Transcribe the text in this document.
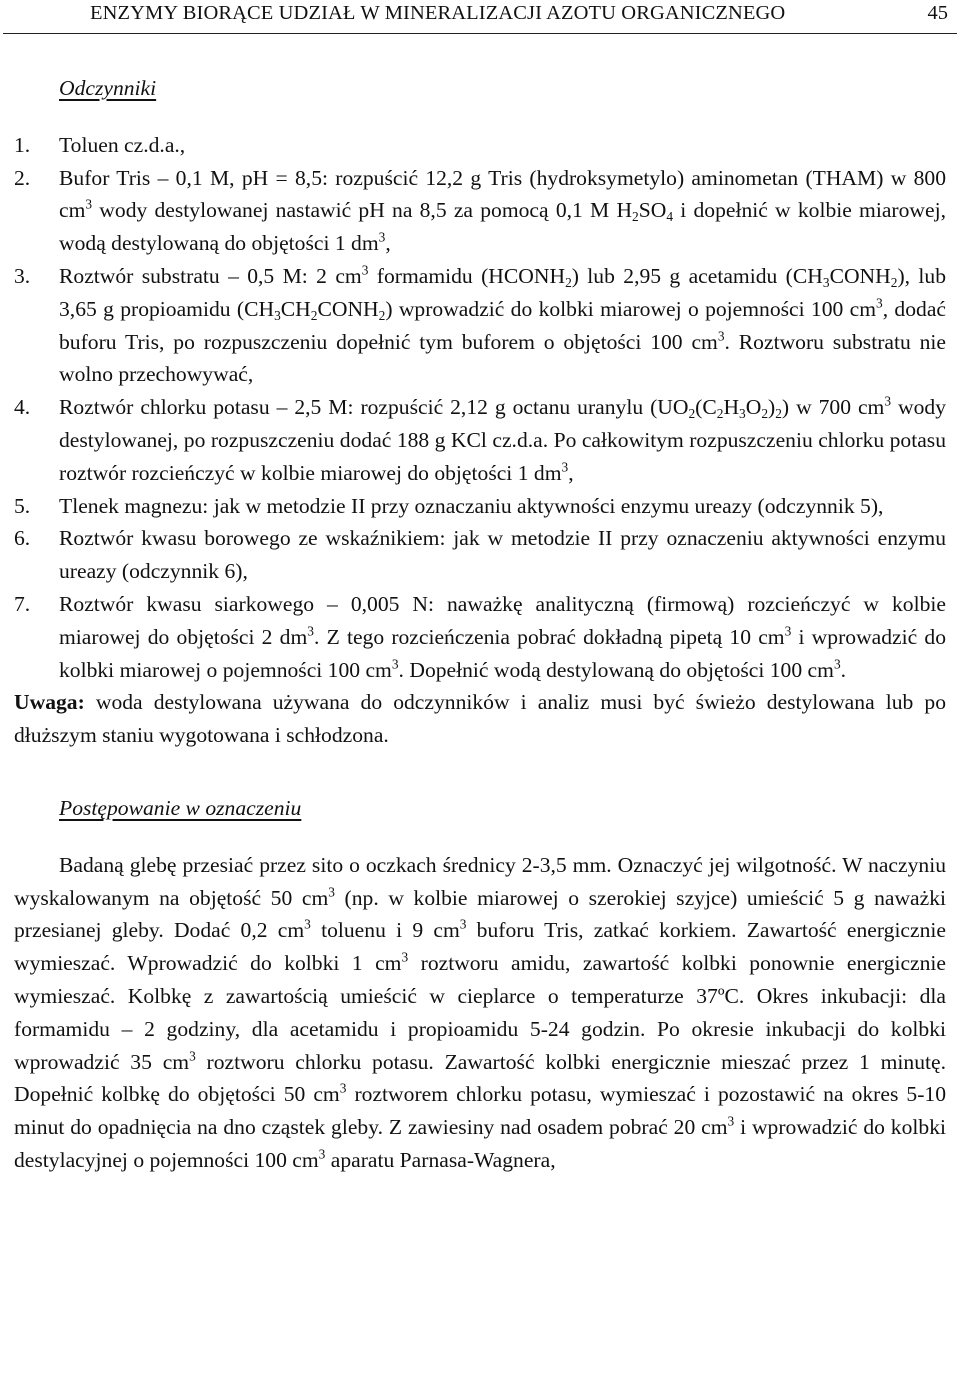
ENZYMY BIORĄCE UDZIAŁ W MINERALIZACJI AZOTU ORGANICZNEGO	45
Odczynniki
1. Toluen cz.d.a.,
2. Bufor Tris – 0,1 M, pH = 8,5: rozpuścić 12,2 g Tris (hydroksymetylo) aminometan (THAM) w 800 $cm^3$ wody destylowanej nastawić pH na 8,5 za pomocą 0,1 M $H_2SO_4$ i dopełnić w kolbie miarowej, wodą destylowaną do objętości 1 $dm^3$,
3. Roztwór substratu – 0,5 M: 2 $cm^3$ formamidu $(HCONH_2)$ lub 2,95 g acetamidu $(CH_3CONH_2)$, lub 3,65 g propioamidu $(CH_3CH_2CONH_2)$ wprowadzić do kolbki miarowej o pojemności 100 $cm^3$, dodać buforu Tris, po rozpuszczeniu dopełnić tym buforem o objętości 100 $cm^3$. Roztworu substratu nie wolno przechowywać,
4. Roztwór chlorku potasu – 2,5 M: rozpuścić 2,12 g octanu uranylu $(UO_2(C_2H_3O_2)_2)$ w 700 $cm^3$ wody destylowanej, po rozpuszczeniu dodać 188 g KCl cz.d.a. Po całkowitym rozpuszczeniu chlorku potasu roztwór rozcieńczyć w kolbie miarowej do objętości 1 $dm^3$,
5. Tlenek magnezu: jak w metodzie II przy oznaczaniu aktywności enzymu ureazy (odczynnik 5),
6. Roztwór kwasu borowego ze wskaźnikiem: jak w metodzie II przy oznaczeniu aktywności enzymu ureazy (odczynnik 6),
7. Roztwór kwasu siarkowego – 0,005 N: naważkę analityczną (firmową) rozcieńczyć w kolbie miarowej do objętości 2 $dm^3$. Z tego rozcieńczenia pobrać dokładną pipetą 10 $cm^3$ i wprowadzić do kolbki miarowej o pojemności 100 $cm^3$. Dopełnić wodą destylowaną do objętości 100 $cm^3$.

Uwaga: woda destylowana używana do odczynników i analiz musi być świeżo destylowana lub po dłuższym staniu wygotowana i schłodzona.

Postępowanie w oznaczeniu

Badaną glebę przesiać przez sito o oczkach średnicy 2-3,5 mm. Oznaczyć jej wilgotność. W naczyniu wyskalowanym na objętość 50 $cm^3$ (np. w kolbie miarowej o szerokiej szyjce) umieścić 5 g naważki przesianej gleby. Dodać 0,2 $cm^3$ toluenu i 9 $cm^3$ buforu Tris, zatkać korkiem. Zawartość energicznie wymieszać. Wprowadzić do kolbki 1 $cm^3$ roztworu amidu, zawartość kolbki ponownie energicznie wymieszać. Kolbkę z zawartością umieścić w cieplarce o temperaturze 37ºC. Okres inkubacji: dla formamidu – 2 godziny, dla acetamidu i propioamidu 5-24 godzin. Po okresie inkubacji do kolbki wprowadzić 35 $cm^3$ roztworu chlorku potasu. Zawartość kolbki energicznie mieszać przez 1 minutę. Dopełnić kolbkę do objętości 50 $cm^3$ roztworem chlorku potasu, wymieszać i pozostawić na okres 5-10 minut do opadnięcia na dno cząstek gleby. Z zawiesiny nad osadem pobrać 20 $cm^3$ i wprowadzić do kolbki destylacyjnej o pojemności 100 $cm^3$ aparatu Parnasa-Wagnera,
